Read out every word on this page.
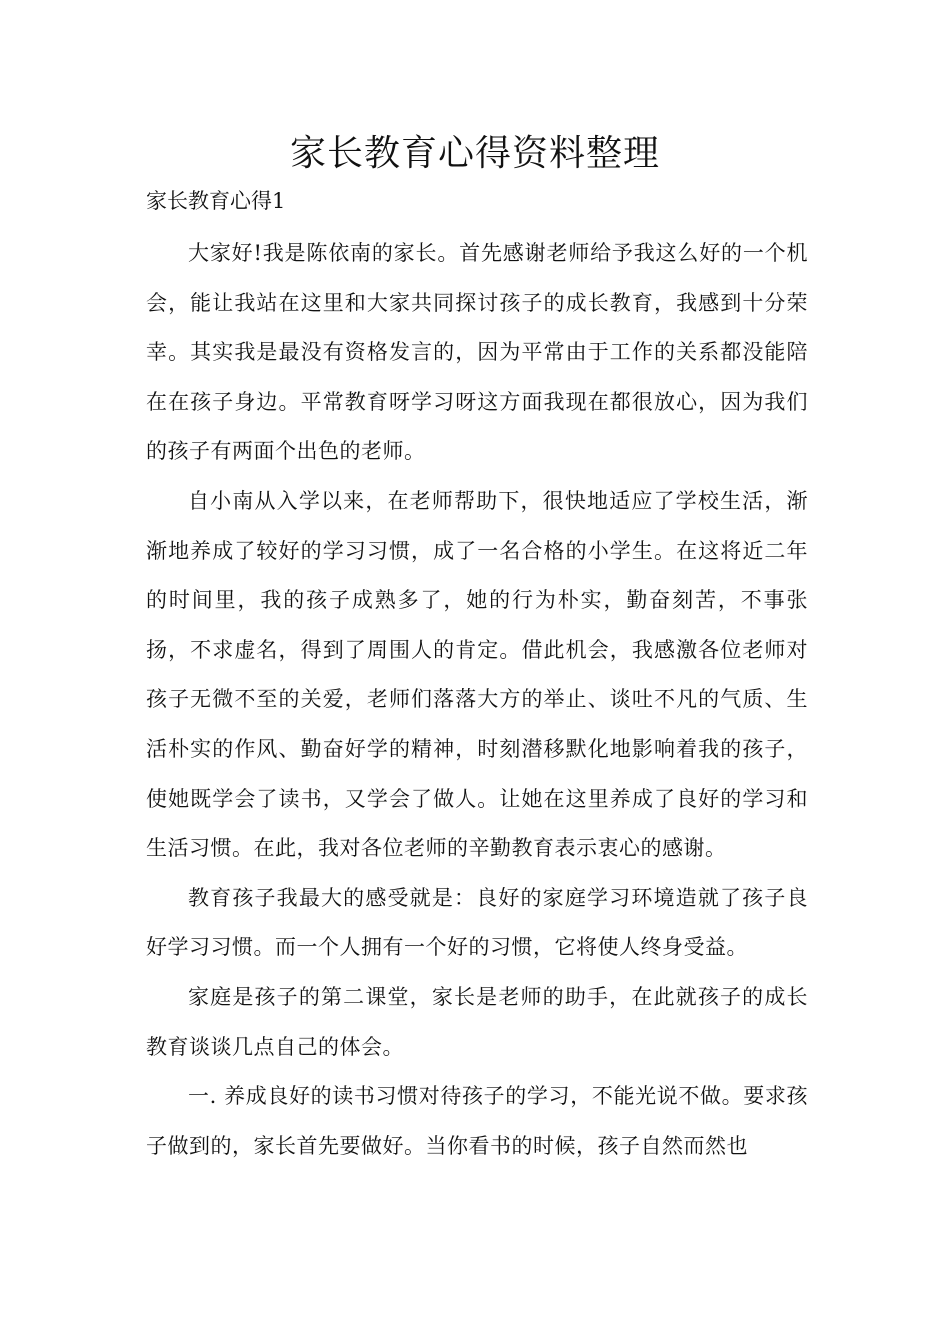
家长教育心得资料整理

家长教育心得1

大家好!我是陈依南的家长。首先感谢老师给予我这么好的一个机会，能让我站在这里和大家共同探讨孩子的成长教育，我感到十分荣幸。其实我是最没有资格发言的，因为平常由于工作的关系都没能陪在在孩子身边。平常教育呀学习呀这方面我现在都很放心，因为我们的孩子有两面个出色的老师。

自小南从入学以来，在老师帮助下，很快地适应了学校生活，渐渐地养成了较好的学习习惯，成了一名合格的小学生。在这将近二年的时间里，我的孩子成熟多了，她的行为朴实，勤奋刻苦，不事张扬，不求虚名，得到了周围人的肯定。借此机会，我感激各位老师对孩子无微不至的关爱，老师们落落大方的举止、谈吐不凡的气质、生活朴实的作风、勤奋好学的精神，时刻潜移默化地影响着我的孩子，使她既学会了读书，又学会了做人。让她在这里养成了良好的学习和生活习惯。在此，我对各位老师的辛勤教育表示衷心的感谢。

教育孩子我最大的感受就是：良好的家庭学习环境造就了孩子良好学习习惯。而一个人拥有一个好的习惯，它将使人终身受益。

家庭是孩子的第二课堂，家长是老师的助手，在此就孩子的成长教育谈谈几点自己的体会。

一. 养成良好的读书习惯对待孩子的学习，不能光说不做。要求孩子做到的，家长首先要做好。当你看书的时候，孩子自然而然也
